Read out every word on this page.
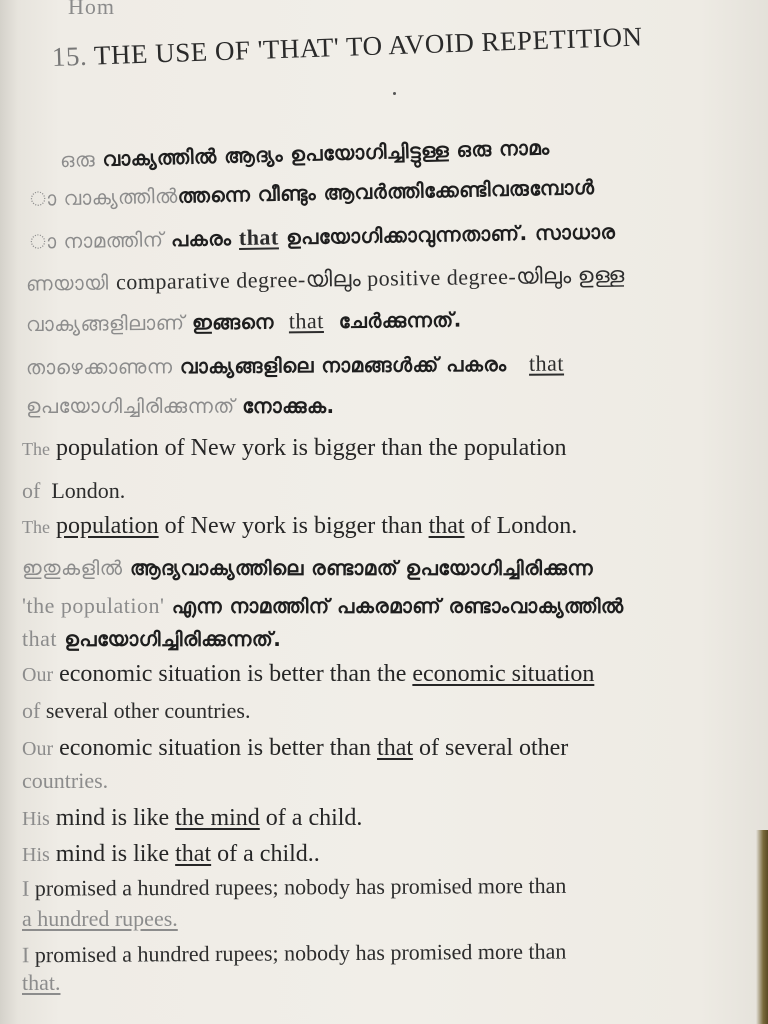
Hom
15. THE USE OF 'THAT' TO AVOID REPETITION
ഒരു വാക്യത്തിൽ ആദ്യം ഉപയോഗിച്ചിട്ടുള്ള ഒരു നാമം
ാ വാക്യത്തിൽത്തന്നെ വീണ്ടും ആവർത്തിക്കേണ്ടിവരുമ്പോൾ
ാ നാമത്തിന് പകരം that ഉപയോഗിക്കാവുന്നതാണ്. സാധാര
ണയായി comparative degree-യിലും positive degree-യിലും ഉള്ള
വാക്യങ്ങളിലാണ് ഇങ്ങനെ that ചേർക്കുന്നത്.
താഴെക്കാണുന്ന വാക്യങ്ങളിലെ നാമങ്ങൾക്ക് പകരം that
ഉപയോഗിച്ചിരിക്കുന്നത് നോക്കുക.
The population of New york is bigger than the population
of London.
The population of New york is bigger than that of London.
ഇതുകളിൽ ആദ്യവാക്യത്തിലെ രണ്ടാമത് ഉപയോഗിച്ചിരിക്കുന്ന
'the population' എന്ന നാമത്തിന് പകരമാണ് രണ്ടാംവാക്യത്തിൽ
that ഉപയോഗിച്ചിരിക്കുന്നത്.
Our economic situation is better than the economic situation
of several other countries.
Our economic situation is better than that of several other
countries.
His mind is like the mind of a child.
His mind is like that of a child..
I promised a hundred rupees; nobody has promised more than
a hundred rupees.
I promised a hundred rupees; nobody has promised more than
that.
